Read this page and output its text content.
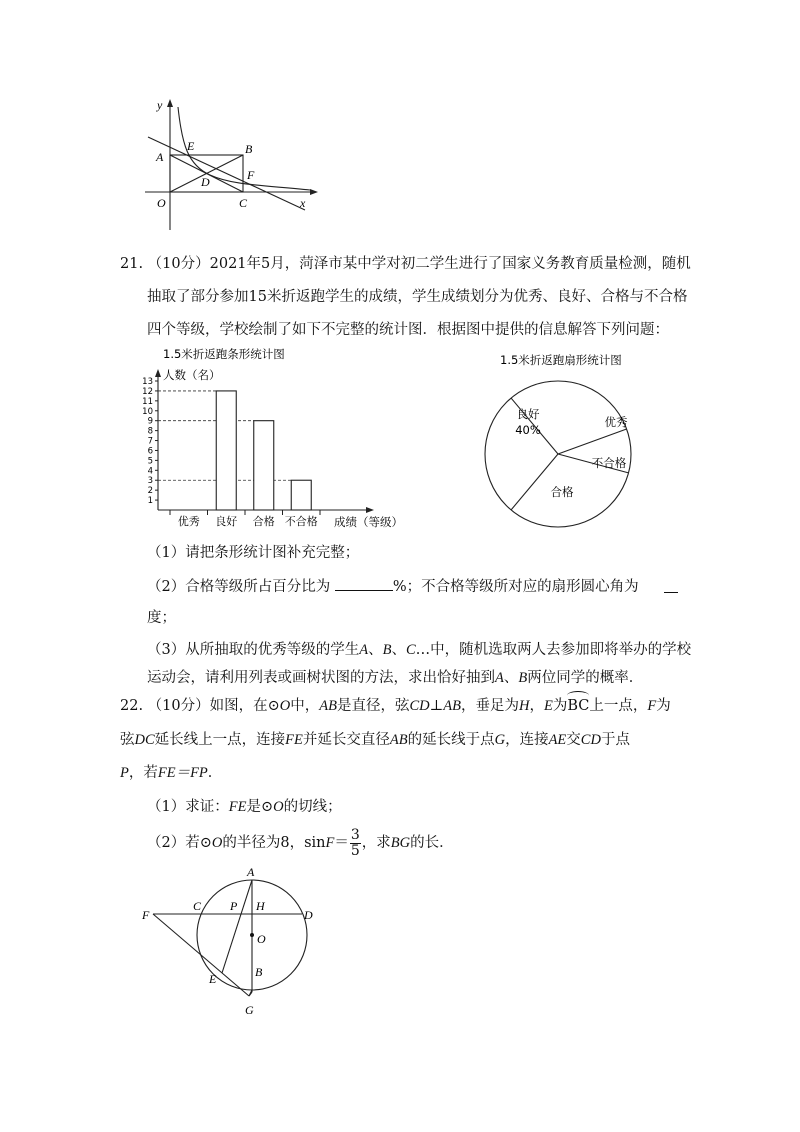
y
x
O
A
B
C
D
E
F
21. （10分）2021年5月，菏泽市某中学对初二学生进行了国家义务教育质量检测，随机
抽取了部分参加15米折返跑学生的成绩，学生成绩划分为优秀、良好、合格与不合格
四个等级，学校绘制了如下不完整的统计图．根据图中提供的信息解答下列问题：
1.5米折返跑条形统计图
人数（名）
成绩（等级）
1
2
3
4
5
6
7
8
9
10
11
12
13
优秀 良好 合格 不合格
1.5米折返跑扇形统计图
良好
40%
优秀
不合格
合格
（1）请把条形统计图补充完整；
（2）合格等级所占百分比为	%；不合格等级所对应的扇形圆心角为
度；
（3）从所抽取的优秀等级的学生A、B、C…中，随机选取两人去参加即将举办的学校
运动会，请利用列表或画树状图的方法，求出恰好抽到A、B两位同学的概率．
22. （10分）如图，在⊙O中，AB是直径，弦CD⊥AB，垂足为H，E为BC上一点，F为
弦DC延长线上一点，连接FE并延长交直径AB的延长线于点G，连接AE交CD于点
P，若FE＝FP．
（1）求证：FE是⊙O的切线；
（2）若⊙O的半径为8，$\sin F= \frac{3}{5}$ ，求BG的长．
A
C P H
D
F
O
E	B
G
